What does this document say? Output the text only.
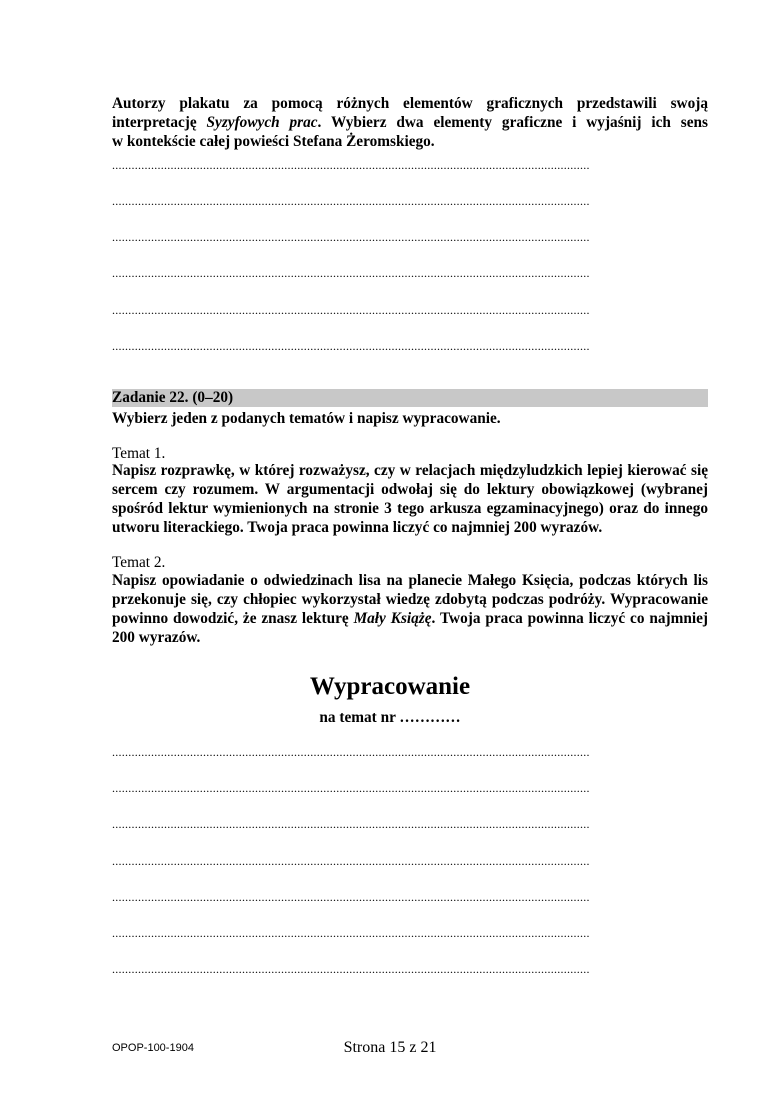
Autorzy plakatu za pomocą różnych elementów graficznych przedstawili swoją
interpretację Syzyfowych prac. Wybierz dwa elementy graficzne i wyjaśnij ich sens
w kontekście całej powieści Stefana Żeromskiego.
...................................................................................................................................................
...................................................................................................................................................
...................................................................................................................................................
...................................................................................................................................................
...................................................................................................................................................
...................................................................................................................................................
Zadanie 22. (0–20)
Wybierz jeden z podanych tematów i napisz wypracowanie.
Temat 1.
Napisz rozprawkę, w której rozważysz, czy w relacjach międzyludzkich lepiej kierować się sercem czy rozumem. W argumentacji odwołaj się do lektury obowiązkowej (wybranej spośród lektur wymienionych na stronie 3 tego arkusza egzaminacyjnego) oraz do innego utworu literackiego. Twoja praca powinna liczyć co najmniej 200 wyrazów.
Temat 2.
Napisz opowiadanie o odwiedzinach lisa na planecie Małego Księcia, podczas których lis przekonuje się, czy chłopiec wykorzystał wiedzę zdobytą podczas podróży. Wypracowanie powinno dowodzić, że znasz lekturę Mały Książę. Twoja praca powinna liczyć co najmniej 200 wyrazów.
Wypracowanie
na temat nr …………
...................................................................................................................................................
...................................................................................................................................................
...................................................................................................................................................
...................................................................................................................................................
...................................................................................................................................................
...................................................................................................................................................
...................................................................................................................................................
OPOP-100-1904	Strona 15 z 21
